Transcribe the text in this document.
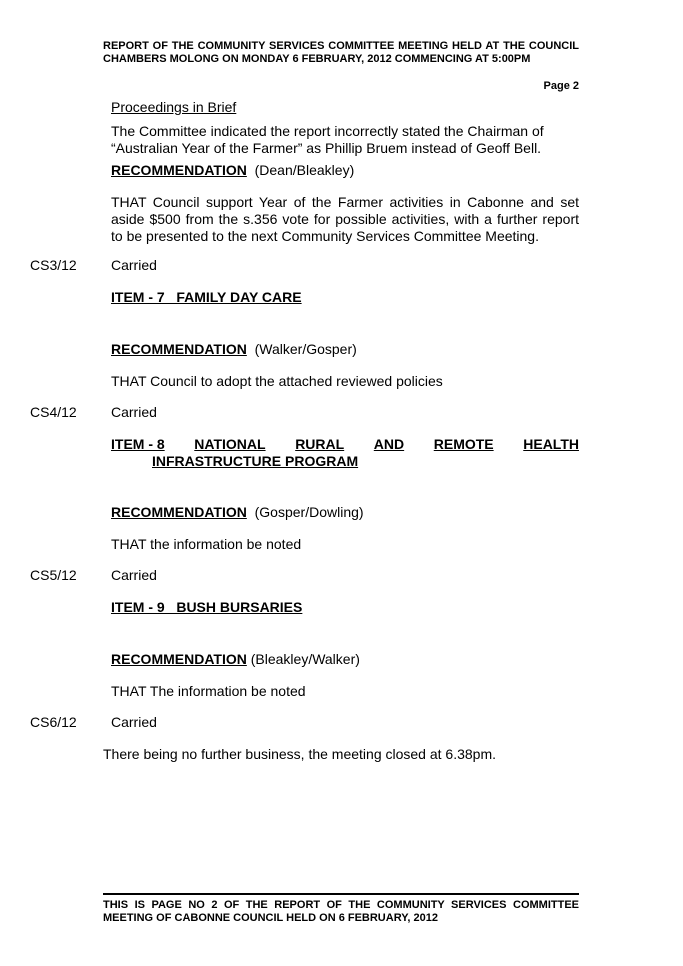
REPORT OF THE COMMUNITY SERVICES COMMITTEE MEETING HELD AT THE COUNCIL CHAMBERS MOLONG ON MONDAY 6 FEBRUARY, 2012 COMMENCING AT 5:00PM
Page 2
Proceedings in Brief
The Committee indicated the report incorrectly stated the Chairman of “Australian Year of the Farmer” as Phillip Bruem instead of Geoff Bell.
RECOMMENDATION (Dean/Bleakley)
THAT Council support Year of the Farmer activities in Cabonne and set aside $500 from the s.356 vote for possible activities, with a further report to be presented to the next Community Services Committee Meeting.
CS3/12 Carried
ITEM - 7   FAMILY DAY CARE
RECOMMENDATION (Walker/Gosper)
THAT Council to adopt the attached reviewed policies
CS4/12 Carried
ITEM - 8 NATIONAL RURAL AND REMOTE HEALTH
INFRASTRUCTURE PROGRAM
RECOMMENDATION (Gosper/Dowling)
THAT the information be noted
CS5/12 Carried
ITEM - 9   BUSH BURSARIES
RECOMMENDATION (Bleakley/Walker)
THAT The information be noted
CS6/12 Carried
There being no further business, the meeting closed at 6.38pm.
THIS IS PAGE NO 2 OF THE REPORT OF THE COMMUNITY SERVICES COMMITTEE MEETING OF CABONNE COUNCIL HELD ON 6 FEBRUARY, 2012
